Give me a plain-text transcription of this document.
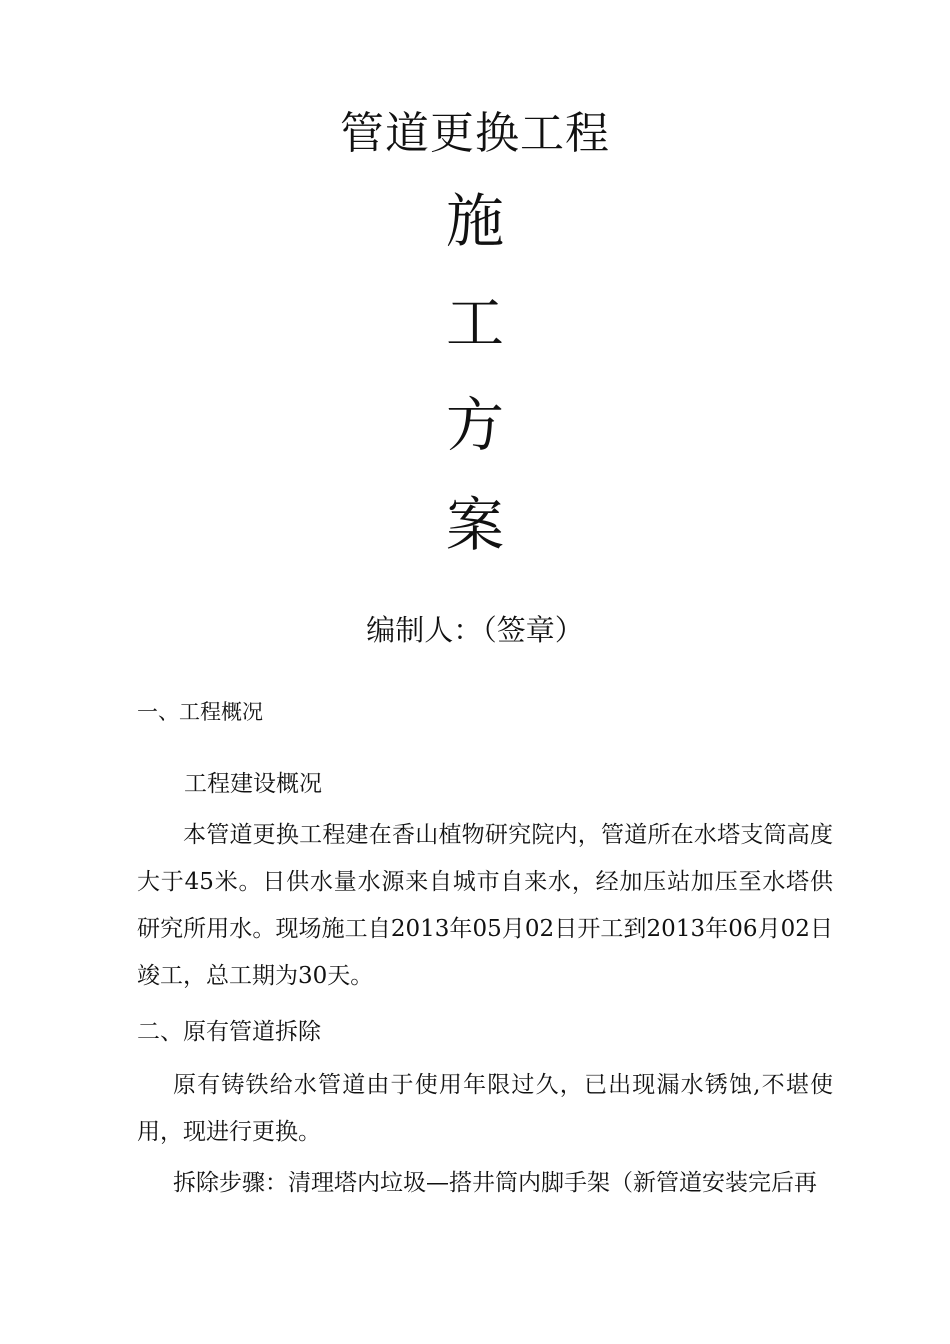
管道更换工程
施
工
方
案
编制人：（签章）
一、工程概况
工程建设概况
本管道更换工程建在香山植物研究院内，管道所在水塔支筒高度大于45米。日供水量水源来自城市自来水，经加压站加压至水塔供研究所用水。现场施工自2013年05月02日开工到2013年06月02日竣工，总工期为30天。
二、原有管道拆除
原有铸铁给水管道由于使用年限过久，已出现漏水锈蚀,不堪使用，现进行更换。
拆除步骤：清理塔内垃圾—搭井筒内脚手架（新管道安装完后再
